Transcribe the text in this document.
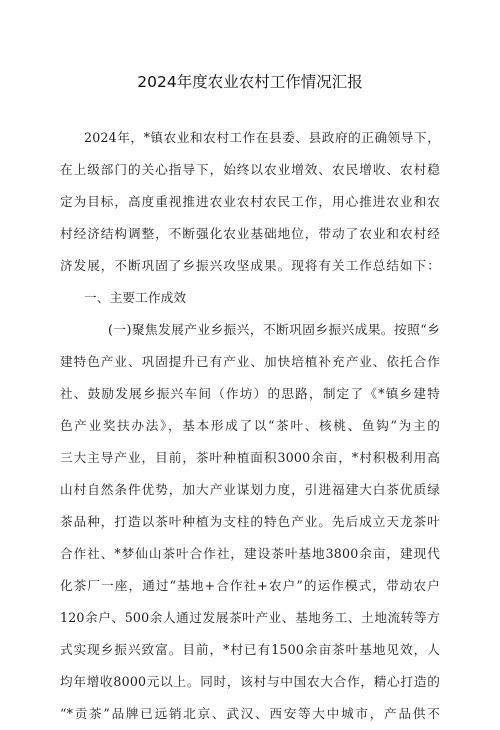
2024年度农业农村工作情况汇报
2024年，*镇农业和农村工作在县委、县政府的正确领导下，
在上级部门的关心指导下，始终以农业增效、农民增收、农村稳
定为目标，高度重视推进农业农村农民工作，用心推进农业和农
村经济结构调整，不断强化农业基础地位，带动了农业和农村经
济发展，不断巩固了乡振兴攻坚成果。现将有关工作总结如下：
一、主要工作成效
(一)聚焦发展产业乡振兴，不断巩固乡振兴成果。按照“乡
建特色产业、巩固提升已有产业、加快培植补充产业、依托合作
社、鼓励发展乡振兴车间（作坊）的思路，制定了《*镇乡建特
色产业奖扶办法》，基本形成了以“茶叶、核桃、鱼钩”为主的
三大主导产业，目前，茶叶种植面积3000余亩，*村积极利用高
山村自然条件优势，加大产业谋划力度，引进福建大白茶优质绿
茶品种，打造以茶叶种植为支柱的特色产业。先后成立天龙茶叶
合作社、*梦仙山茶叶合作社，建设茶叶基地3800余亩，建现代
化茶厂一座，通过“基地+合作社+农户”的运作模式，带动农户
120余户、500余人通过发展茶叶产业、基地务工、土地流转等方
式实现乡振兴致富。目前，*村已有1500余亩茶叶基地见效，人
均年增收8000元以上。同时，该村与中国农大合作，精心打造的
“*贡茶”品牌已远销北京、武汉、西安等大中城市，产品供不
